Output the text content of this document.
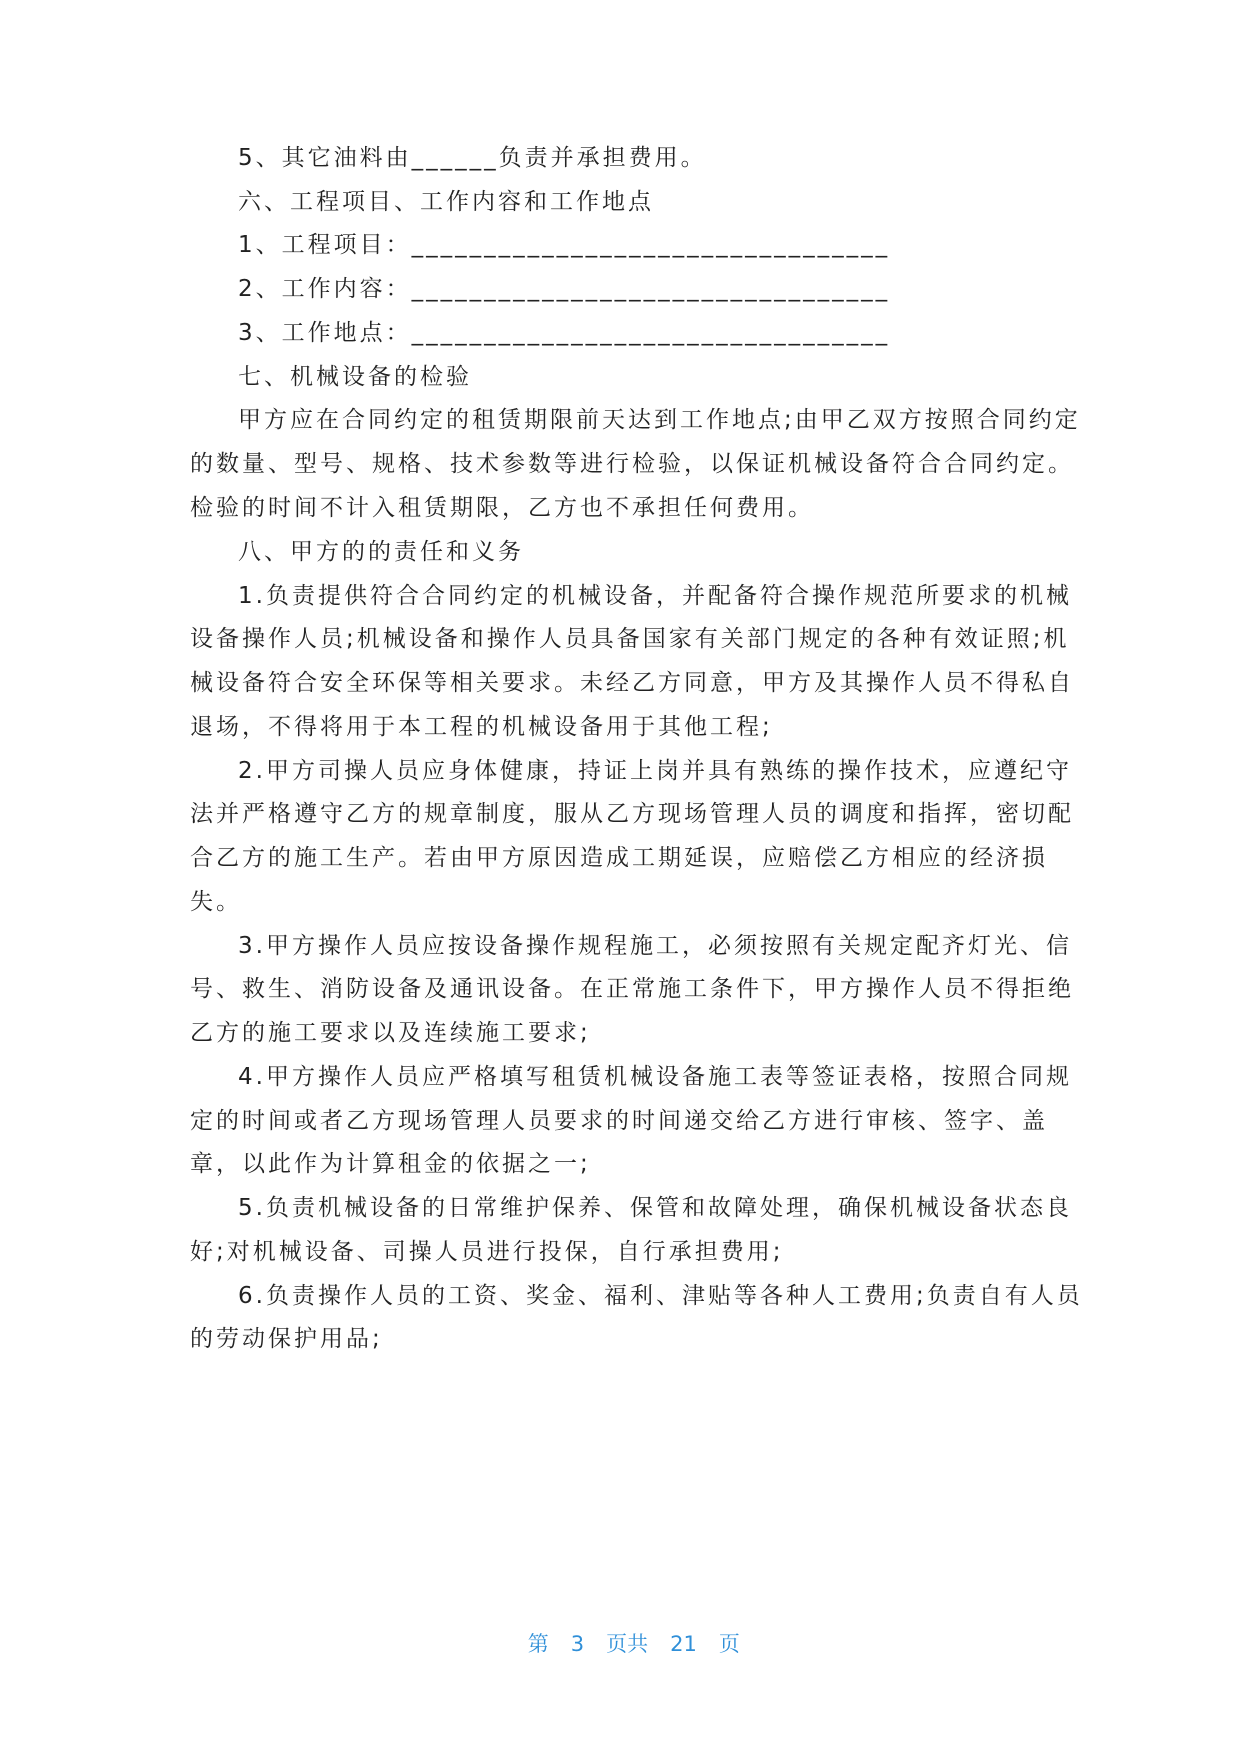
5、其它油料由______负责并承担费用。

六、工程项目、工作内容和工作地点

1、工程项目：_________________________________

2、工作内容：_________________________________

3、工作地点：_________________________________

七、机械设备的检验

甲方应在合同约定的租赁期限前天达到工作地点;由甲乙双方按照合同约定

的数量、型号、规格、技术参数等进行检验，以保证机械设备符合合同约定。

检验的时间不计入租赁期限，乙方也不承担任何费用。

八、甲方的的责任和义务

1.负责提供符合合同约定的机械设备，并配备符合操作规范所要求的机械

设备操作人员;机械设备和操作人员具备国家有关部门规定的各种有效证照;机

械设备符合安全环保等相关要求。未经乙方同意，甲方及其操作人员不得私自

退场，不得将用于本工程的机械设备用于其他工程;

2.甲方司操人员应身体健康，持证上岗并具有熟练的操作技术，应遵纪守

法并严格遵守乙方的规章制度，服从乙方现场管理人员的调度和指挥，密切配

合乙方的施工生产。若由甲方原因造成工期延误，应赔偿乙方相应的经济损

失。

3.甲方操作人员应按设备操作规程施工，必须按照有关规定配齐灯光、信

号、救生、消防设备及通讯设备。在正常施工条件下，甲方操作人员不得拒绝

乙方的施工要求以及连续施工要求;

4.甲方操作人员应严格填写租赁机械设备施工表等签证表格，按照合同规

定的时间或者乙方现场管理人员要求的时间递交给乙方进行审核、签字、盖

章，以此作为计算租金的依据之一;

5.负责机械设备的日常维护保养、保管和故障处理，确保机械设备状态良

好;对机械设备、司操人员进行投保，自行承担费用;

6.负责操作人员的工资、奖金、福利、津贴等各种人工费用;负责自有人员

的劳动保护用品;

第 3 页共 21 页
